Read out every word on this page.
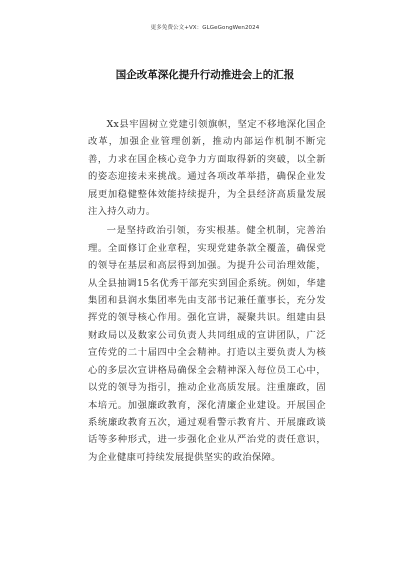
更多免费公文+VX：GLGeGongWen2024
国企改革深化提升行动推进会上的汇报

Xx县牢固树立党建引领旗帜，坚定不移地深化国企改革，加强企业管理创新，推动内部运作机制不断完善，力求在国企核心竞争力方面取得新的突破，以全新的姿态迎接未来挑战。通过各项改革举措，确保企业发展更加稳健整体效能持续提升，为全县经济高质量发展注入持久动力。

一是坚持政治引领，夯实根基。健全机制，完善治理。全面修订企业章程，实现党建条款全覆盖，确保党的领导在基层和高层得到加强。为提升公司治理效能，从全县抽调15名优秀干部充实到国企系统。例如，华建集团和县润水集团率先由支部书记兼任董事长，充分发挥党的领导核心作用。强化宣讲，凝聚共识。组建由县财政局以及数家公司负责人共同组成的宣讲团队，广泛宣传党的二十届四中全会精神。打造以主要负责人为核心的多层次宣讲格局确保全会精神深入每位员工心中，以党的领导为指引，推动企业高质发展。注重廉政，固本培元。加强廉政教育，深化清廉企业建设。开展国企系统廉政教育五次，通过观看警示教育片、开展廉政谈话等多种形式，进一步强化企业从严治党的责任意识，为企业健康可持续发展提供坚实的政治保障。
